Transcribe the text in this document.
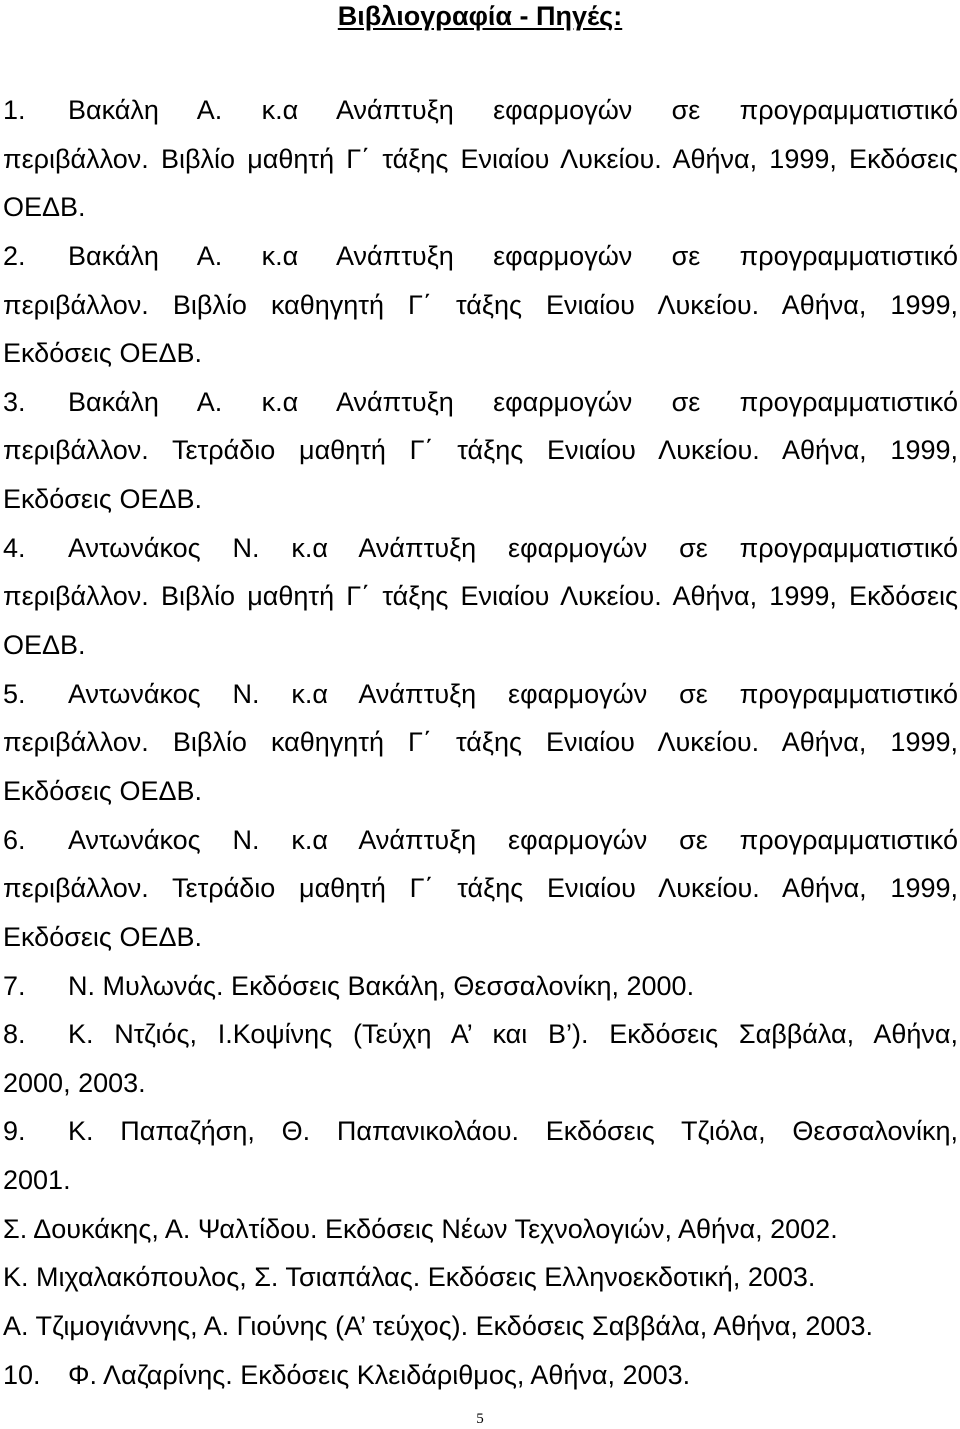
Βιβλιογραφία - Πηγές:
1. Βακάλη Α. κ.α Ανάπτυξη εφαρμογών σε προγραμματιστικό
περιβάλλον. Βιβλίο μαθητή Γ΄ τάξης Ενιαίου Λυκείου. Αθήνα, 1999, Εκδόσεις
ΟΕΔΒ.
2. Βακάλη Α. κ.α Ανάπτυξη εφαρμογών σε προγραμματιστικό
περιβάλλον. Βιβλίο καθηγητή Γ΄ τάξης Ενιαίου Λυκείου. Αθήνα, 1999,
Εκδόσεις ΟΕΔΒ.
3. Βακάλη Α. κ.α Ανάπτυξη εφαρμογών σε προγραμματιστικό
περιβάλλον. Τετράδιο μαθητή Γ΄ τάξης Ενιαίου Λυκείου. Αθήνα, 1999,
Εκδόσεις ΟΕΔΒ.
4. Αντωνάκος Ν. κ.α Ανάπτυξη εφαρμογών σε προγραμματιστικό
περιβάλλον. Βιβλίο μαθητή Γ΄ τάξης Ενιαίου Λυκείου. Αθήνα, 1999, Εκδόσεις
ΟΕΔΒ.
5. Αντωνάκος Ν. κ.α Ανάπτυξη εφαρμογών σε προγραμματιστικό
περιβάλλον. Βιβλίο καθηγητή Γ΄ τάξης Ενιαίου Λυκείου. Αθήνα, 1999,
Εκδόσεις ΟΕΔΒ.
6. Αντωνάκος Ν. κ.α Ανάπτυξη εφαρμογών σε προγραμματιστικό
περιβάλλον. Τετράδιο μαθητή Γ΄ τάξης Ενιαίου Λυκείου. Αθήνα, 1999,
Εκδόσεις ΟΕΔΒ.
7. Ν. Μυλωνάς. Εκδόσεις Βακάλη, Θεσσαλονίκη, 2000.
8. Κ. Ντζιός, Ι.Κοψίνης (Τεύχη Α’ και Β’). Εκδόσεις Σαββάλα, Αθήνα,
2000, 2003.
9. Κ. Παπαζήση, Θ. Παπανικολάου. Εκδόσεις Τζιόλα, Θεσσαλονίκη,
2001.
Σ. Δουκάκης, Α. Ψαλτίδου. Εκδόσεις Νέων Τεχνολογιών, Αθήνα, 2002.
Κ. Μιχαλακόπουλος, Σ. Τσιαπάλας. Εκδόσεις Ελληνοεκδοτική, 2003.
Α. Τζιμογιάννης, Α. Γιούνης (Α’ τεύχος). Εκδόσεις Σαββάλα, Αθήνα, 2003.
10. Φ. Λαζαρίνης. Εκδόσεις Κλειδάριθμος, Αθήνα, 2003.
5
